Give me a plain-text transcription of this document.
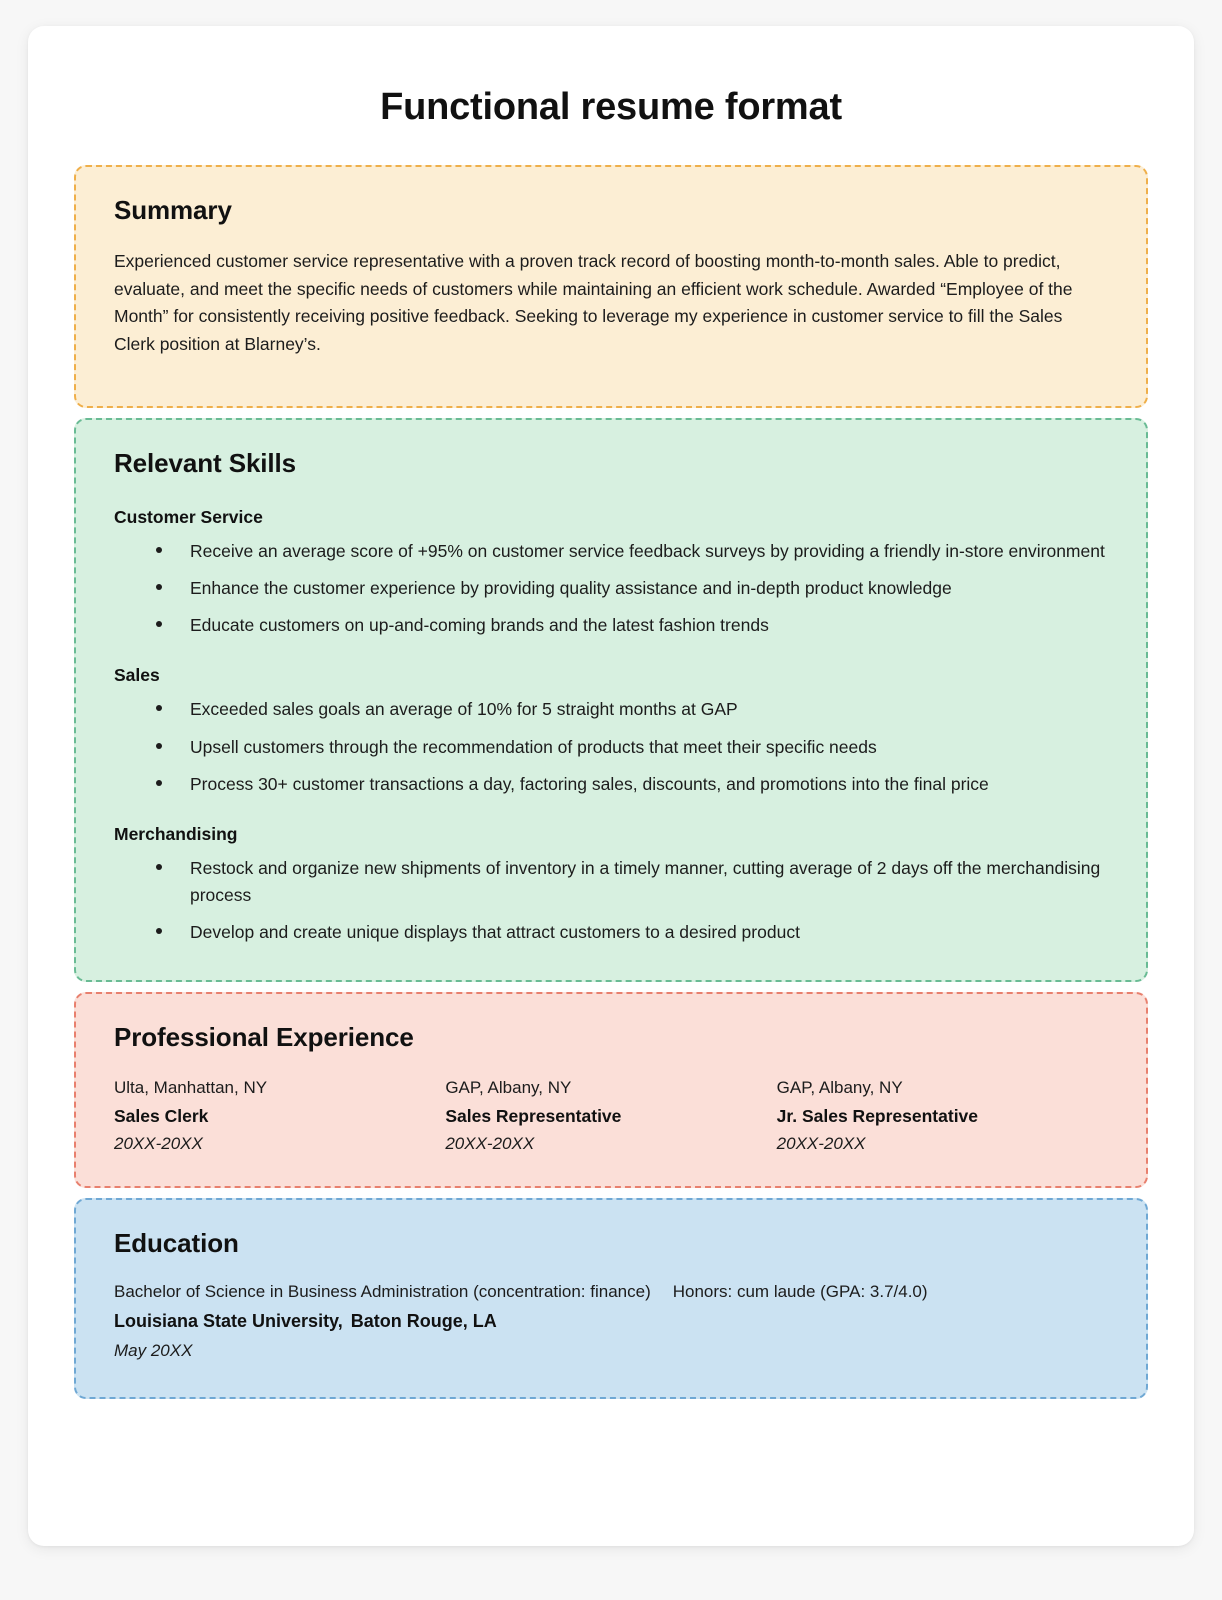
Functional resume format
Summary

Experienced customer service representative with a proven track record of boosting month-to-month sales. Able to predict, evaluate, and meet the specific needs of customers while maintaining an efficient work schedule. Awarded “Employee of the Month” for consistently receiving positive feedback. Seeking to leverage my experience in customer service to fill the Sales Clerk position at Blarney’s.

Relevant Skills
Customer Service
Receive an average score of +95% on customer service feedback surveys by providing a friendly in-store environment
Enhance the customer experience by providing quality assistance and in-depth product knowledge
Educate customers on up-and-coming brands and the latest fashion trends
Sales
Exceeded sales goals an average of 10% for 5 straight months at GAP
Upsell customers through the recommendation of products that meet their specific needs
Process 30+ customer transactions a day, factoring sales, discounts, and promotions into the final price
Merchandising
Restock and organize new shipments of inventory in a timely manner, cutting average of 2 days off the merchandising process
Develop and create unique displays that attract customers to a desired product
Professional Experience
Ulta, Manhattan, NY
Sales Clerk
20XX-20XX
GAP, Albany, NY
Sales Representative
20XX-20XX
GAP, Albany, NY
Jr. Sales Representative
20XX-20XX
Education
Bachelor of Science in Business Administration (concentration: finance) Honors: cum laude (GPA: 3.7/4.0)
Louisiana State University, Baton Rouge, LA
May 20XX
